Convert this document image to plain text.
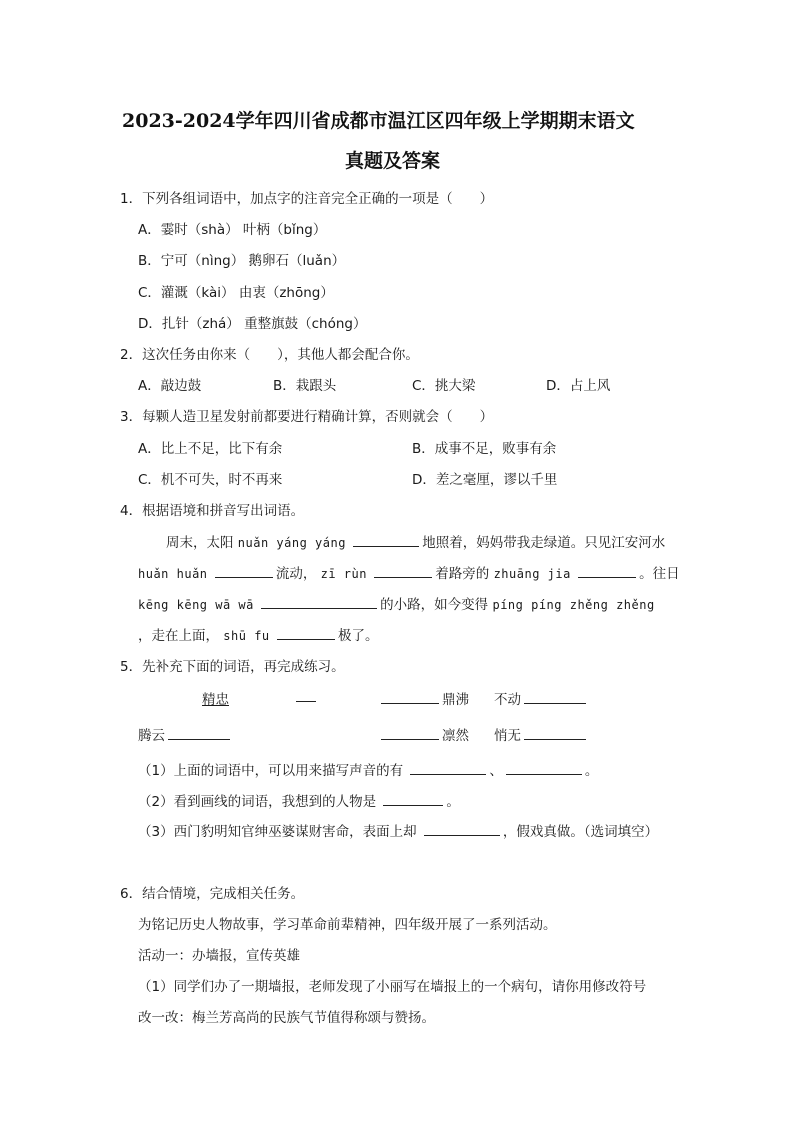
2023-2024学年四川省成都市温江区四年级上学期期末语文
真题及答案
1．下列各组词语中，加点字的注音完全正确的一项是（　　）
A．霎时（shà） 叶柄（bǐng）
B．宁可（nìng） 鹅卵石（luǎn）
C．灌溉（kài） 由衷（zhōng）
D．扎针（zhá） 重整旗鼓（chóng）
2．这次任务由你来（　　），其他人都会配合你。
A．敲边鼓	B．栽跟头	C．挑大梁	D．占上风
3．每颗人造卫星发射前都要进行精确计算，否则就会（　　）
A．比上不足，比下有余	B．成事不足，败事有余
C．机不可失，时不再来	D．差之毫厘，谬以千里
4．根据语境和拼音写出词语。
周末，太阳 nuǎn yáng yáng	地照着，妈妈带我走绿道。只见江安河水
huǎn huǎn	流动， zī rùn	着路旁的 zhuāng jia	。往日
kēng kēng wā wā	的小路，如今变得 píng píng zhěng zhěng
，走在上面， shū fu	极了。
5．先补充下面的词语，再完成练习。
精忠	鼎沸 不动
腾云	凛然 悄无
（1）上面的词语中，可以用来描写声音的有	、	。
（2）看到画线的词语，我想到的人物是	。
（3）西门豹明知官绅巫婆谋财害命，表面上却	，假戏真做。（选词填空）
6．结合情境，完成相关任务。
为铭记历史人物故事，学习革命前辈精神，四年级开展了一系列活动。
活动一：办墙报，宣传英雄
（1）同学们办了一期墙报，老师发现了小丽写在墙报上的一个病句，请你用修改符号
改一改：梅兰芳高尚的民族气节值得称颂与赞扬。
